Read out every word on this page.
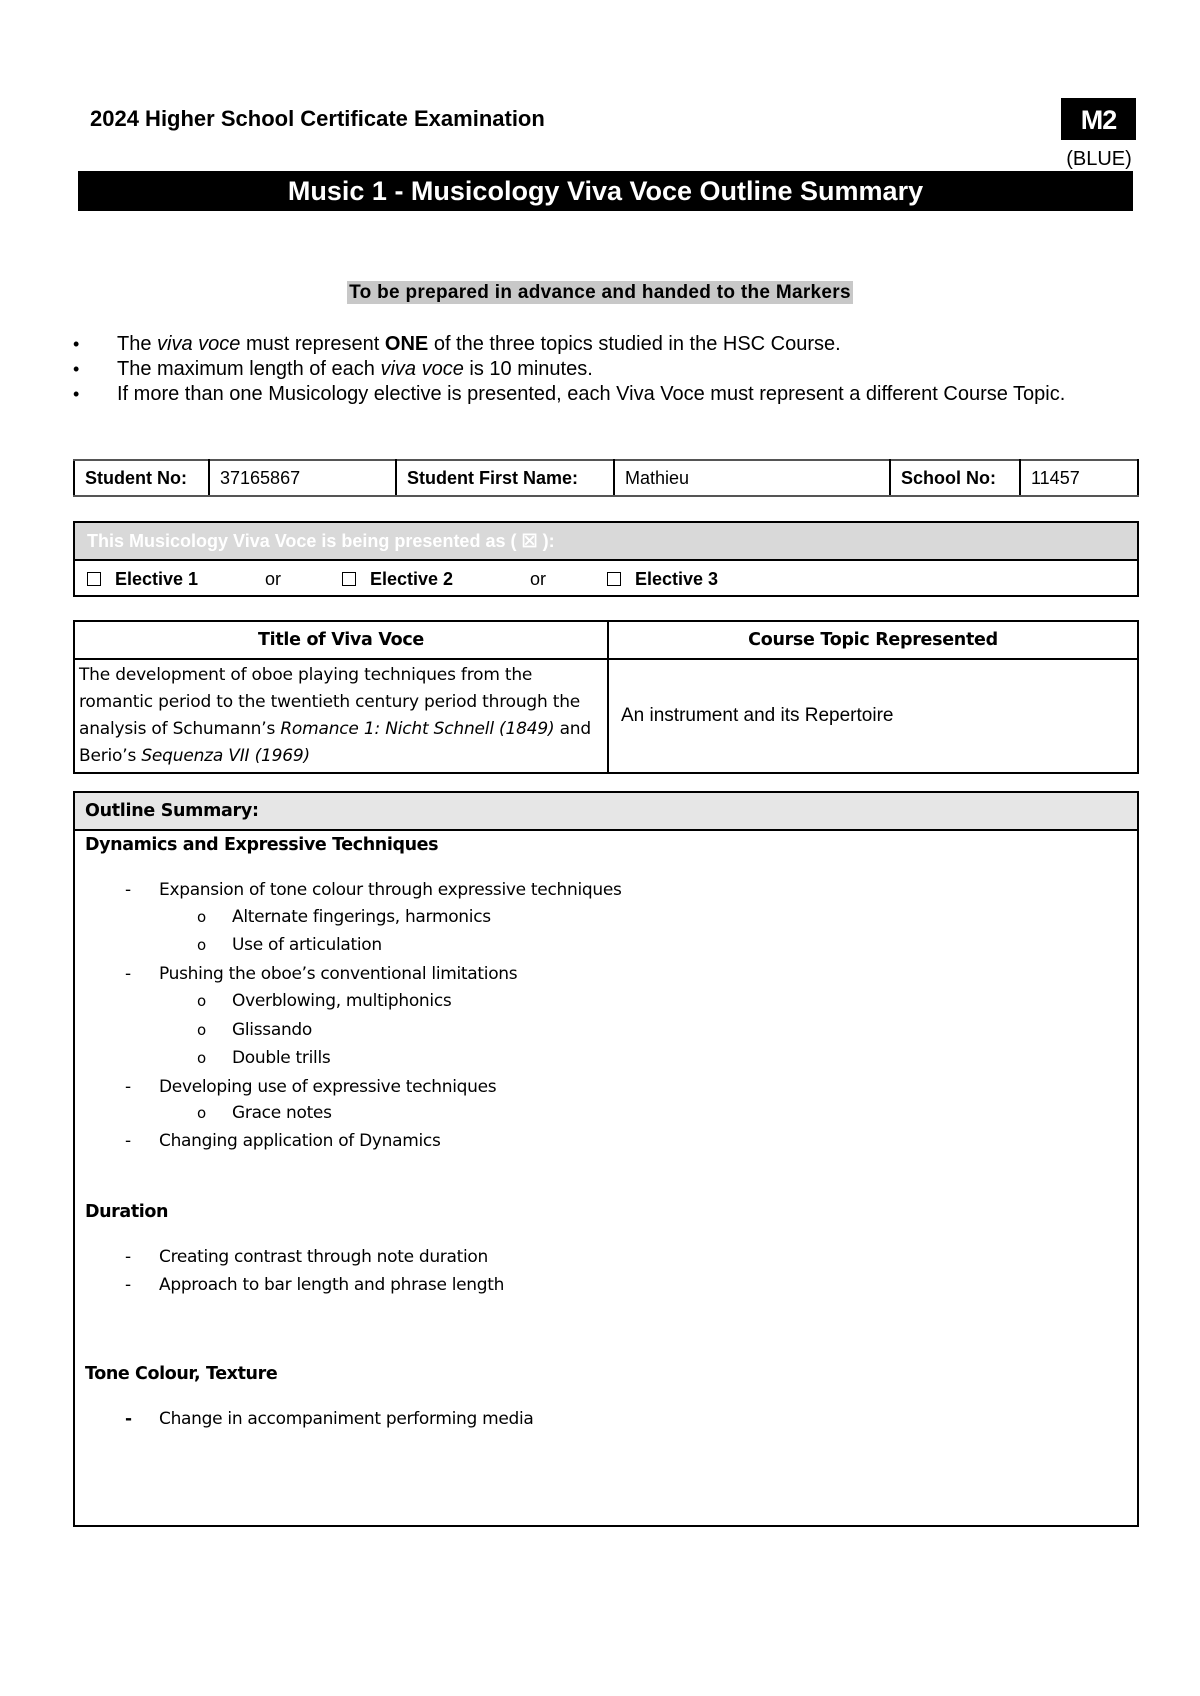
2024 Higher School Certificate Examination	M2
(BLUE)
Music 1 - Musicology Viva Voce Outline Summary
To be prepared in advance and handed to the Markers
• The viva voce must represent ONE of the three topics studied in the HSC Course.
• The maximum length of each viva voce is 10 minutes.
• If more than one Musicology elective is presented, each Viva Voce must represent a different Course Topic.
Student No:	37165867	Student First Name:	Mathieu	School No:	11457
This Musicology Viva Voce is being presented as ( ☒ ):
Elective 1	or	Elective 2	or	Elective 3
Title of Viva Voce	Course Topic Represented
The development of oboe playing techniques from the romantic period to the twentieth century period through the analysis of Schumann’s Romance 1: Nicht Schnell (1849) and Berio’s Sequenza VII (1969)	An instrument and its Repertoire
Outline Summary:
Dynamics and Expressive Techniques
- Expansion of tone colour through expressive techniques
o Alternate fingerings, harmonics
o Use of articulation
- Pushing the oboe’s conventional limitations
o Overblowing, multiphonics
o Glissando
o Double trills
- Developing use of expressive techniques
o Grace notes
- Changing application of Dynamics
Duration
- Creating contrast through note duration
- Approach to bar length and phrase length
Tone Colour, Texture
- Change in accompaniment performing media
